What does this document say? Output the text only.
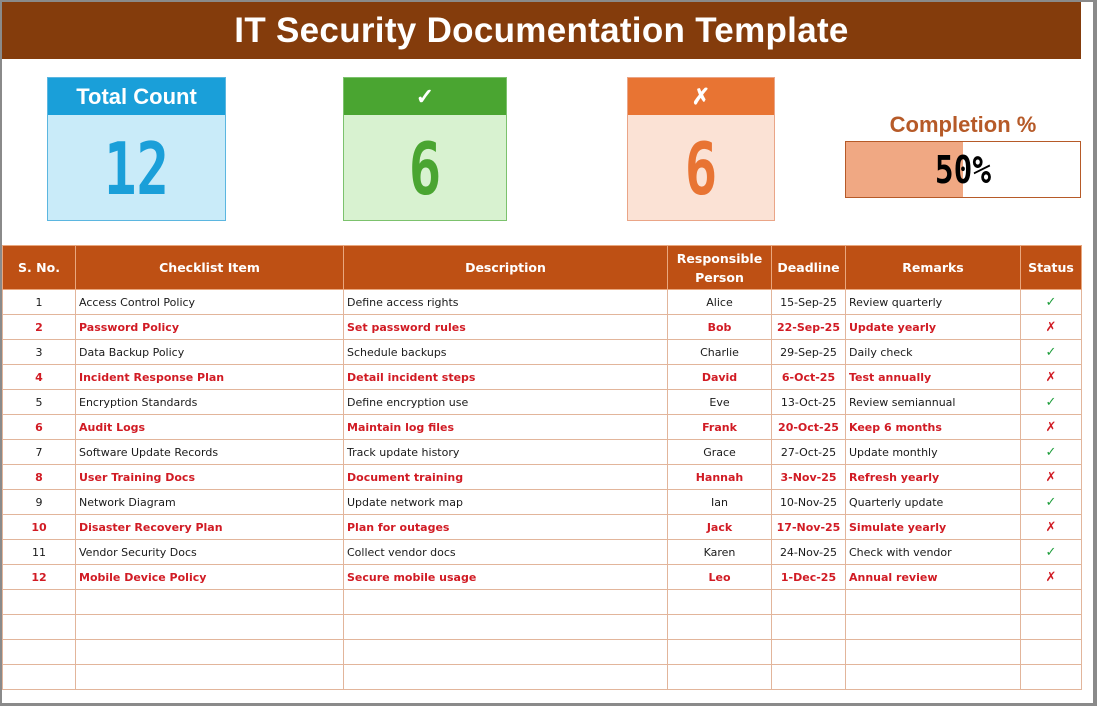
IT Security Documentation Template
Total Count
12
✓
6
✗
6
Completion %
50%
S. No.	Checklist Item	Description	Responsible Person	Deadline	Remarks	Status
1	Access Control Policy	Define access rights	Alice	15-Sep-25	Review quarterly	✓
2	Password Policy	Set password rules	Bob	22-Sep-25	Update yearly	✗
3	Data Backup Policy	Schedule backups	Charlie	29-Sep-25	Daily check	✓
4	Incident Response Plan	Detail incident steps	David	6-Oct-25	Test annually	✗
5	Encryption Standards	Define encryption use	Eve	13-Oct-25	Review semiannual	✓
6	Audit Logs	Maintain log files	Frank	20-Oct-25	Keep 6 months	✗
7	Software Update Records	Track update history	Grace	27-Oct-25	Update monthly	✓
8	User Training Docs	Document training	Hannah	3-Nov-25	Refresh yearly	✗
9	Network Diagram	Update network map	Ian	10-Nov-25	Quarterly update	✓
10	Disaster Recovery Plan	Plan for outages	Jack	17-Nov-25	Simulate yearly	✗
11	Vendor Security Docs	Collect vendor docs	Karen	24-Nov-25	Check with vendor	✓
12	Mobile Device Policy	Secure mobile usage	Leo	1-Dec-25	Annual review	✗
